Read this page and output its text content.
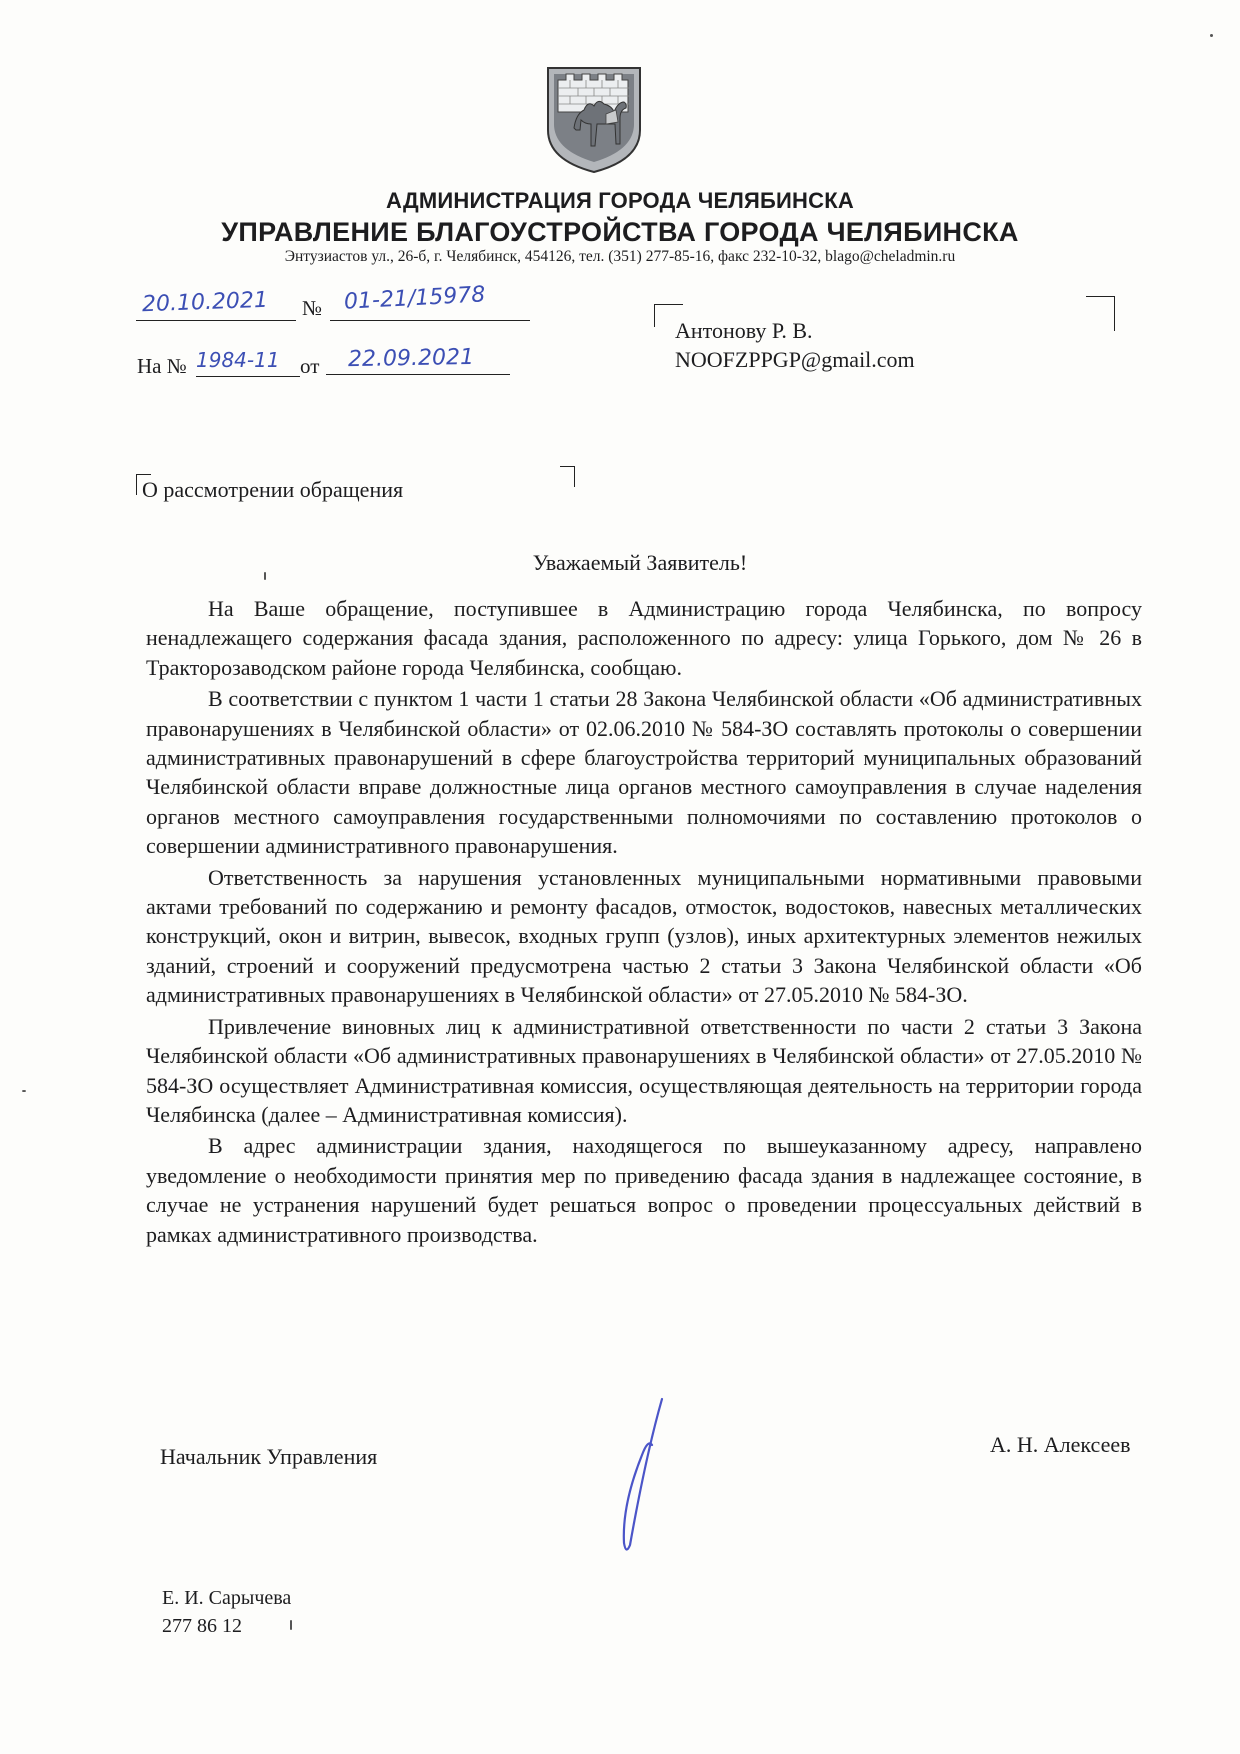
АДМИНИСТРАЦИЯ ГОРОДА ЧЕЛЯБИНСКА
УПРАВЛЕНИЕ БЛАГОУСТРОЙСТВА ГОРОДА ЧЕЛЯБИНСКА
Энтузиастов ул., 26-б, г. Челябинск, 454126, тел. (351) 277-85-16, факс 232-10-32, blago@cheladmin.ru
20.10.2021 № 01-21/15978
На № 1984-11 от 22.09.2021
Антонову Р. В.
NOOFZPPGP@gmail.com
О рассмотрении обращения
Уважаемый Заявитель!

На Ваше обращение, поступившее в Администрацию города Челябинска, по вопросу ненадлежащего содержания фасада здания, расположенного по адресу: улица Горького, дом № 26 в Тракторозаводском районе города Челябинска, сообщаю.

В соответствии с пунктом 1 части 1 статьи 28 Закона Челябинской области «Об административных правонарушениях в Челябинской области» от 02.06.2010 № 584-ЗО составлять протоколы о совершении административных правонарушений в сфере благоустройства территорий муниципальных образований Челябинской области вправе должностные лица органов местного самоуправления в случае наделения органов местного самоуправления государственными полномочиями по составлению протоколов о совершении административного правонарушения.

Ответственность за нарушения установленных муниципальными нормативными правовыми актами требований по содержанию и ремонту фасадов, отмосток, водостоков, навесных металлических конструкций, окон и витрин, вывесок, входных групп (узлов), иных архитектурных элементов нежилых зданий, строений и сооружений предусмотрена частью 2 статьи 3 Закона Челябинской области «Об административных правонарушениях в Челябинской области» от 27.05.2010 № 584-ЗО.

Привлечение виновных лиц к административной ответственности по части 2 статьи 3 Закона Челябинской области «Об административных правонарушениях в Челябинской области» от 27.05.2010 № 584-ЗО осуществляет Административная комиссия, осуществляющая деятельность на территории города Челябинска (далее – Административная комиссия).

В адрес администрации здания, находящегося по вышеуказанному адресу, направлено уведомление о необходимости принятия мер по приведению фасада здания в надлежащее состояние, в случае не устранения нарушений будет решаться вопрос о проведении процессуальных действий в рамках административного производства.

Начальник Управления	А. Н. Алексеев
Е. И. Сарычева
277 86 12
